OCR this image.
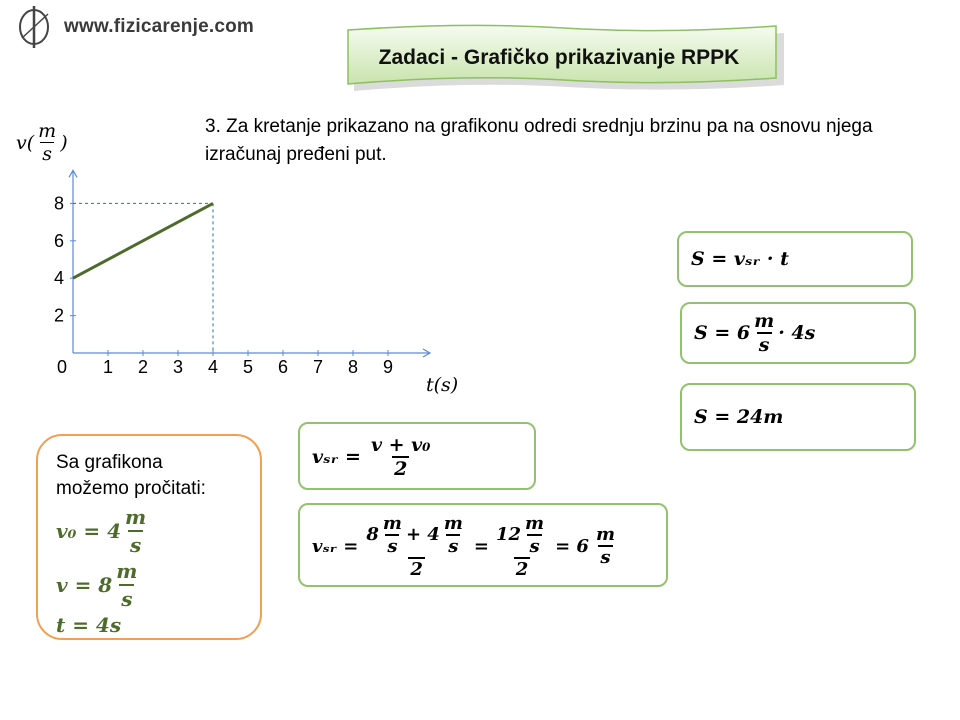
www.fizicarenje.com
Zadaci - Grafičko prikazivanje RPPK
3. Za kretanje prikazano na grafikonu odredi srednju brzinu pa na osnovu njega izračunaj pređeni put.
0 1 2 3 4 5 6 7 8 9
2
4
6
8
$v( \frac{m}{s}$ )
t(s)
Sa grafikona
možemo pročitati:
$v_0 = 4 \frac{m}{s}$
$v = 8 \frac{m}{s}$
t = 4s
vₛᵣ = $\frac{\text{v + v₀}}{2}$
vₛᵣ = $\frac{8 \frac{m}{s} + 4 \frac{m}{s}}{2} = \frac{12 \frac{m}{s}}{2} = 6 \frac{m}{s}$
S = vₛᵣ · t
$S = 6 \frac{m}{s} \cdot 4s$
S = 24m
